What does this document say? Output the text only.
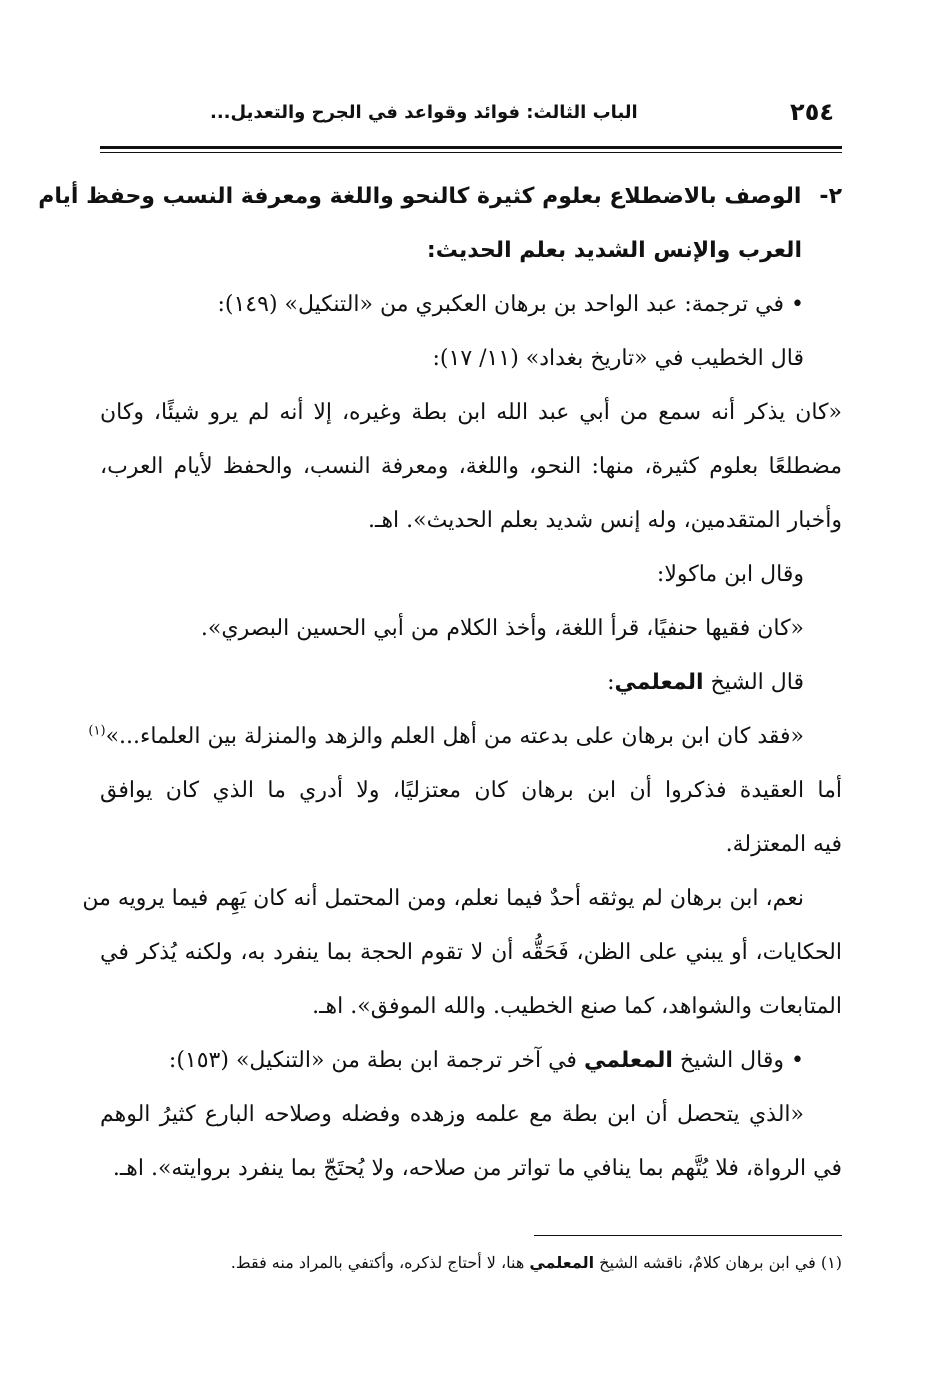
٢٥٤
الباب الثالث: فوائد وقواعد في الجرح والتعديل...
٢-الوصف بالاضطلاع بعلوم كثيرة كالنحو واللغة ومعرفة النسب وحفظ أيام
العرب والإنس الشديد بعلم الحديث:
• في ترجمة: عبد الواحد بن برهان العكبري من «التنكيل» (١٤٩):
قال الخطيب في «تاريخ بغداد» (١١/ ١٧):
«كان يذكر أنه سمع من أبي عبد الله ابن بطة وغيره، إلا أنه لم يرو شيئًا، وكان
مضطلعًا بعلوم كثيرة، منها: النحو، واللغة، ومعرفة النسب، والحفظ لأيام العرب،
وأخبار المتقدمين، وله إنس شديد بعلم الحديث». اهـ.
وقال ابن ماكولا:
«كان فقيها حنفيًا، قرأ اللغة، وأخذ الكلام من أبي الحسين البصري».
قال الشيخ المعلمي:
«فقد كان ابن برهان على بدعته من أهل العلم والزهد والمنزلة بين العلماء...»$^{(١)}$
أما العقيدة فذكروا أن ابن برهان كان معتزليًا، ولا أدري ما الذي كان يوافق
فيه المعتزلة.
نعم، ابن برهان لم يوثقه أحدٌ فيما نعلم، ومن المحتمل أنه كان يَهِم فيما يرويه من
الحكايات، أو يبني على الظن، فَحَقُّه أن لا تقوم الحجة بما ينفرد به، ولكنه يُذكر في
المتابعات والشواهد، كما صنع الخطيب. والله الموفق». اهـ.
• وقال الشيخ المعلمي في آخر ترجمة ابن بطة من «التنكيل» (١٥٣):
«الذي يتحصل أن ابن بطة مع علمه وزهده وفضله وصلاحه البارع كثيرُ الوهم
في الرواة، فلا يُتَّهم بما ينافي ما تواتر من صلاحه، ولا يُحتَجّ بما ينفرد بروايته». اهـ.
(١) في ابن برهان كلامٌ، ناقشه الشيخ المعلمي هنا، لا أحتاج لذكره، وأكتفي بالمراد منه فقط.
